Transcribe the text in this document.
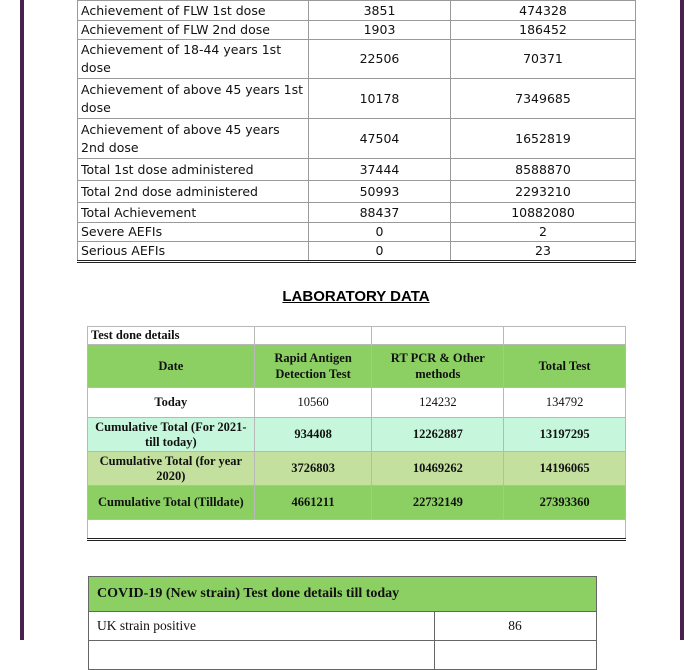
Achievement of FLW 1st dose	3851	474328
Achievement of FLW 2nd dose	1903	186452
Achievement of 18-44 years 1st dose	22506	70371
Achievement of above 45 years 1st dose	10178	7349685
Achievement of above 45 years 2nd dose	47504	1652819
Total 1st dose administered	37444	8588870
Total 2nd dose administered	50993	2293210
Total Achievement	88437	10882080
Severe AEFIs	0	2
Serious AEFIs	0	23
LABORATORY DATA
Test done details			
Date	Rapid Antigen Detection Test	RT PCR & Other methods	Total Test
Today	10560	124232	134792
Cumulative Total (For 2021- till today)	934408	12262887	13197295
Cumulative Total (for year 2020)	3726803	10469262	14196065
Cumulative Total (Tilldate)	4661211	22732149	27393360

COVID-19 (New strain) Test done details till today	
UK strain positive	86
